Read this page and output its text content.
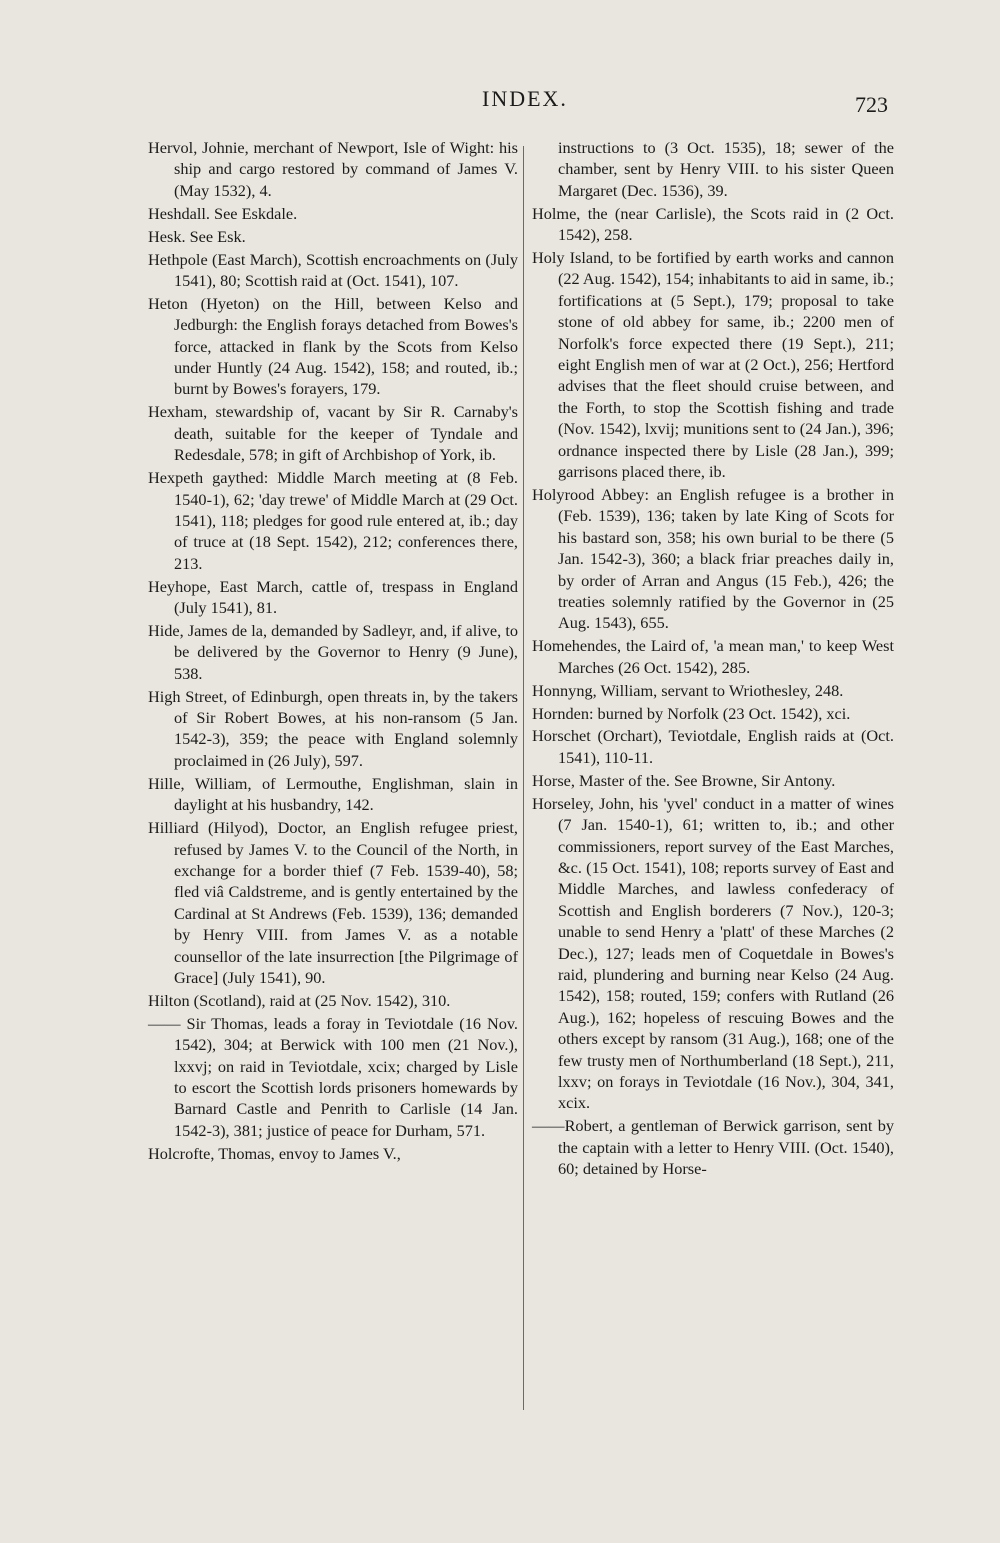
INDEX.	723

Hervol, Johnie, merchant of Newport, Isle of Wight: his ship and cargo restored by command of James V. (May 1532), 4.

Heshdall. See Eskdale.

Hesk. See Esk.

Hethpole (East March), Scottish encroachments on (July 1541), 80; Scottish raid at (Oct. 1541), 107.

Heton (Hyeton) on the Hill, between Kelso and Jedburgh: the English forays detached from Bowes's force, attacked in flank by the Scots from Kelso under Huntly (24 Aug. 1542), 158; and routed, ib.; burnt by Bowes's forayers, 179.

Hexham, stewardship of, vacant by Sir R. Carnaby's death, suitable for the keeper of Tyndale and Redesdale, 578; in gift of Archbishop of York, ib.

Hexpeth gaythed: Middle March meeting at (8 Feb. 1540-1), 62; 'day trewe' of Middle March at (29 Oct. 1541), 118; pledges for good rule entered at, ib.; day of truce at (18 Sept. 1542), 212; conferences there, 213.

Heyhope, East March, cattle of, trespass in England (July 1541), 81.

Hide, James de la, demanded by Sadleyr, and, if alive, to be delivered by the Governor to Henry (9 June), 538.

High Street, of Edinburgh, open threats in, by the takers of Sir Robert Bowes, at his non-ransom (5 Jan. 1542-3), 359; the peace with England solemnly proclaimed in (26 July), 597.

Hille, William, of Lermouthe, Englishman, slain in daylight at his husbandry, 142.

Hilliard (Hilyod), Doctor, an English refugee priest, refused by James V. to the Council of the North, in exchange for a border thief (7 Feb. 1539-40), 58; fled viâ Caldstreme, and is gently entertained by the Cardinal at St Andrews (Feb. 1539), 136; demanded by Henry VIII. from James V. as a notable counsellor of the late insurrection [the Pilgrimage of Grace] (July 1541), 90.

Hilton (Scotland), raid at (25 Nov. 1542), 310.

—— Sir Thomas, leads a foray in Teviotdale (16 Nov. 1542), 304; at Berwick with 100 men (21 Nov.), lxxvj; on raid in Teviotdale, xcix; charged by Lisle to escort the Scottish lords prisoners homewards by Barnard Castle and Penrith to Carlisle (14 Jan. 1542-3), 381; justice of peace for Durham, 571.

Holcrofte, Thomas, envoy to James V.,

instructions to (3 Oct. 1535), 18; sewer of the chamber, sent by Henry VIII. to his sister Queen Margaret (Dec. 1536), 39.

Holme, the (near Carlisle), the Scots raid in (2 Oct. 1542), 258.

Holy Island, to be fortified by earth works and cannon (22 Aug. 1542), 154; inhabitants to aid in same, ib.; fortifications at (5 Sept.), 179; proposal to take stone of old abbey for same, ib.; 2200 men of Norfolk's force expected there (19 Sept.), 211; eight English men of war at (2 Oct.), 256; Hertford advises that the fleet should cruise between, and the Forth, to stop the Scottish fishing and trade (Nov. 1542), lxvij; munitions sent to (24 Jan.), 396; ordnance inspected there by Lisle (28 Jan.), 399; garrisons placed there, ib.

Holyrood Abbey: an English refugee is a brother in (Feb. 1539), 136; taken by late King of Scots for his bastard son, 358; his own burial to be there (5 Jan. 1542-3), 360; a black friar preaches daily in, by order of Arran and Angus (15 Feb.), 426; the treaties solemnly ratified by the Governor in (25 Aug. 1543), 655.

Homehendes, the Laird of, 'a mean man,' to keep West Marches (26 Oct. 1542), 285.

Honnyng, William, servant to Wriothesley, 248.

Hornden: burned by Norfolk (23 Oct. 1542), xci.

Horschet (Orchart), Teviotdale, English raids at (Oct. 1541), 110-11.

Horse, Master of the. See Browne, Sir Antony.

Horseley, John, his 'yvel' conduct in a matter of wines (7 Jan. 1540-1), 61; written to, ib.; and other commissioners, report survey of the East Marches, &c. (15 Oct. 1541), 108; reports survey of East and Middle Marches, and lawless confederacy of Scottish and English borderers (7 Nov.), 120-3; unable to send Henry a 'platt' of these Marches (2 Dec.), 127; leads men of Coquetdale in Bowes's raid, plundering and burning near Kelso (24 Aug. 1542), 158; routed, 159; confers with Rutland (26 Aug.), 162; hopeless of rescuing Bowes and the others except by ransom (31 Aug.), 168; one of the few trusty men of Northumberland (18 Sept.), 211, lxxv; on forays in Teviotdale (16 Nov.), 304, 341, xcix.

——Robert, a gentleman of Berwick garrison, sent by the captain with a letter to Henry VIII. (Oct. 1540), 60; detained by Horse-
